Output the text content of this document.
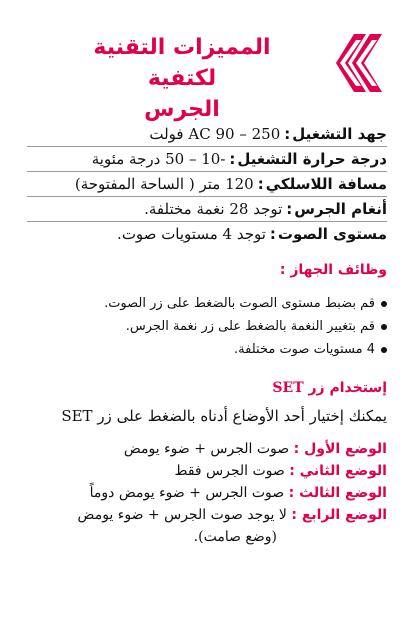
المميزات التقنية لكتفية
الجرس
جهد التشغيل
:
250 – 90 AC فولت
درجة حرارة التشغيل
:
-10 – 50 درجة مئوية
مسافة اللاسلكي
:
120 متر ( الساحة المفتوحة)
أنغام الجرس
:
توجد 28 نغمة مختلفة.
مستوى الصوت
:
توجد 4 مستويات صوت.
وظائف الجهاز :
قم بضبط مستوى الصوت بالضغط على زر الصوت.
قم بتغيير النغمة بالضغط على زر نغمة الجرس.
4 مستويات صوت مختلفة.
إستخدام زر SET
يمكنك إختيار أحد الأوضاع أدناه بالضغط على زر SET
الوضع الأول : صوت الجرس + ضوء يومض
الوضع الثاني : صوت الجرس فقط
الوضع الثالث : صوت الجرس + ضوء يومض دوماً
الوضع الرابع : لا يوجد صوت الجرس + ضوء يومض
(وضع صامت).
